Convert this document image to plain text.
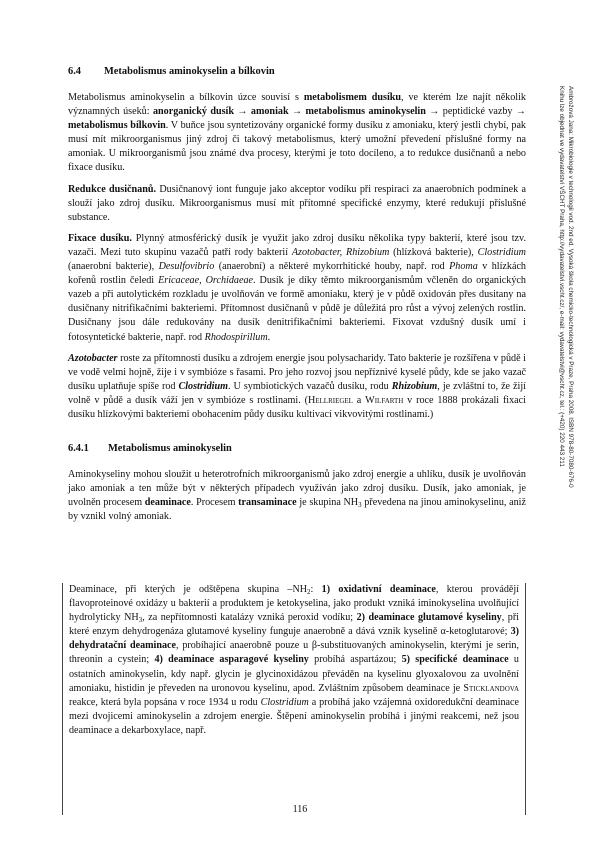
6.4 Metabolismus aminokyselin a bílkovin

Metabolismus aminokyselin a bílkovin úzce souvisí s metabolismem dusíku, ve kterém lze najít několik významných úseků: anorganický dusík → amoniak → metabolismus aminokyselin → peptidické vazby → metabolismus bílkovin. V buňce jsou syntetizovány organické formy dusíku z amoniaku, který jestli chybí, pak musí mít mikroorganismus jiný zdroj či takový metabolismus, který umožní převedení příslušné formy na amoniak. U mikroorganismů jsou známé dva procesy, kterými je toto docíleno, a to redukce dusičnanů a nebo fixace dusíku.

Redukce dusičnanů. Dusičnanový iont funguje jako akceptor vodíku při respiraci za anaerobních podmínek a slouží jako zdroj dusíku. Mikroorganismus musí mít přítomné specifické enzymy, které redukují příslušné substance.

Fixace dusíku. Plynný atmosférický dusík je využit jako zdroj dusíku několika typy bakterií, které jsou tzv. vazači. Mezi tuto skupinu vazačů patří rody bakterií Azotobacter, Rhizobium (hlízková bakterie), Clostridium (anaerobní bakterie), Desulfovibrio (anaerobní) a některé mykorrhitické houby, např. rod Phoma v hlízkách kořenů rostlin čeledi Ericaceae, Orchidaeae. Dusík je díky těmto mikroorganismům včleněn do organických vazeb a při autolytickém rozkladu je uvolňován ve formě amoniaku, který je v půdě oxidován přes dusitany na dusičnany nitrifikačními bakteriemi. Přítomnost dusičnanů v půdě je důležitá pro růst a vývoj zelených rostlin. Dusičnany jsou dále redukovány na dusík denitrifikačními bakteriemi. Fixovat vzdušný dusík umí i fotosyntetické bakterie, např. rod Rhodospirillum.

Azotobacter roste za přítomnosti dusíku a zdrojem energie jsou polysacharidy. Tato bakterie je rozšířena v půdě i ve vodě velmi hojně, žije i v symbióze s řasami. Pro jeho rozvoj jsou nepříznivé kyselé půdy, kde se jako vazač dusíku uplatňuje spíše rod Clostridium. U symbiotických vazačů dusíku, rodu Rhizobium, je zvláštní to, že žijí volně v půdě a dusík váží jen v symbióze s rostlinami. (Hellriegel a Wilfarth v roce 1888 prokázali fixaci dusíku hlízkovými bakteriemi obohacením půdy dusíku kultivací vikvovitými rostlinami.)

6.4.1 Metabolismus aminokyselin

Aminokyseliny mohou sloužit u heterotrofních mikroorganismů jako zdroj energie a uhlíku, dusík je uvolňován jako amoniak a ten může být v některých případech využíván jako zdroj dusíku. Dusík, jako amoniak, je uvolněn procesem deaminace. Procesem transaminace je skupina $NH_3$ převedena na jinou aminokyselinu, aniž by vznikl volný amoniak.

Deaminace, při kterých je odštěpena skupina $-NH_2$: 1) oxidativní deaminace, kterou provádějí flavoproteinové oxidázy u bakterií a produktem je ketokyselina, jako produkt vzniká iminokyselina uvolňující hydrolyticky $NH_3$, za nepřítomnosti katalázy vzniká peroxid vodíku; 2) deaminace glutamové kyseliny, při které enzym dehydrogenáza glutamové kyseliny funguje anaerobně a dává vznik kyselině α-ketoglutarové; 3) dehydratační deaminace, probíhající anaerobně pouze u β-substituovaných aminokyselin, kterými je serin, threonin a cystein; 4) deaminace asparagové kyseliny probíhá aspartázou; 5) specifické deaminace u ostatních aminokyselin, kdy např. glycin je glycinoxidázou převáděn na kyselinu glyoxalovou za uvolnění amoniaku, histidin je převeden na uronovou kyselinu, apod. Zvláštním způsobem deaminace je Sticklandova reakce, která byla popsána v roce 1934 u rodu Clostridium a probíhá jako vzájemná oxidoredukční deaminace mezi dvojicemi aminokyselin a zdrojem energie. Štěpení aminokyselin probíhá i jinými reakcemi, než jsou deaminace a dekarboxylace, např.

Ambrožová Jana: Mikrobiologie v technologii vod. 2nd ed. Vysoká škola chemicko-technologická v Praze, Praha 2008. ISBN 978-80-7080-676-0
Knihu lze objednat ve vydavatelství VŠCHT Praha, http://vydavatelstvi.vscht.cz/, e-mail: vydavatelstvi@vscht.cz, tel.: (+420) 220 443 211
116
